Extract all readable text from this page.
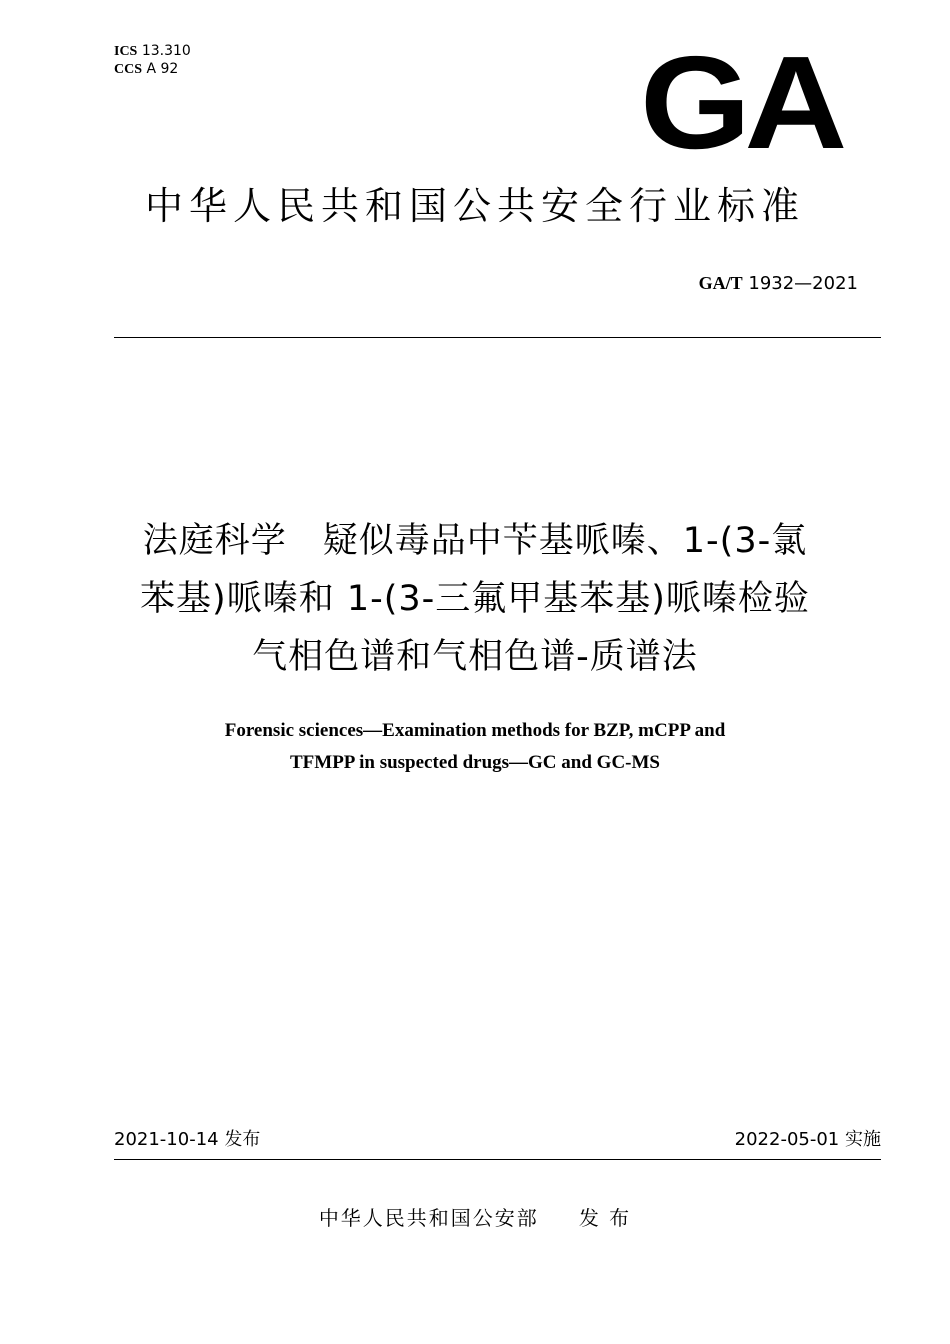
ICS 13.310
CCS A 92	GA
中华人民共和国公共安全行业标准
GA/T 1932—2021
法庭科学　疑似毒品中苄基哌嗪、1-(3-氯
苯基)哌嗪和 1-(3-三氟甲基苯基)哌嗪检验
气相色谱和气相色谱-质谱法
Forensic sciences—Examination methods for BZP, mCPP and
TFMPP in suspected drugs—GC and GC-MS
2021-10-14 发布	2022-05-01 实施
中华人民共和国公安部 发 布
